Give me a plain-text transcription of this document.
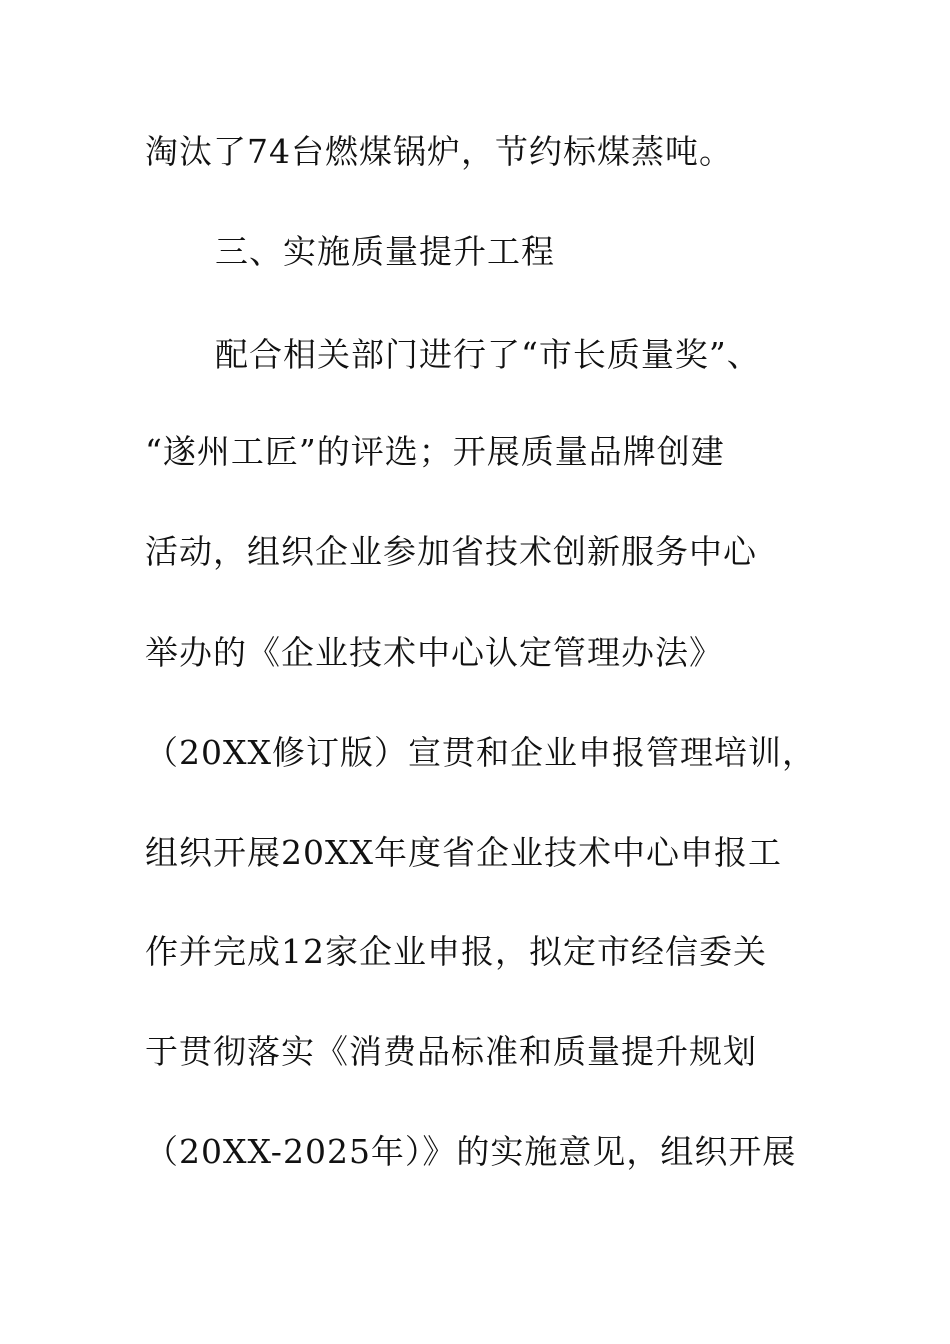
淘汰了74台燃煤锅炉，节约标煤蒸吨。
三、实施质量提升工程
配合相关部门进行了“市长质量奖”、
“遂州工匠”的评选；开展质量品牌创建
活动，组织企业参加省技术创新服务中心
举办的《企业技术中心认定管理办法》
（20XX修订版）宣贯和企业申报管理培训，
组织开展20XX年度省企业技术中心申报工
作并完成12家企业申报，拟定市经信委关
于贯彻落实《消费品标准和质量提升规划
（20XX-2025年）》的实施意见，组织开展
